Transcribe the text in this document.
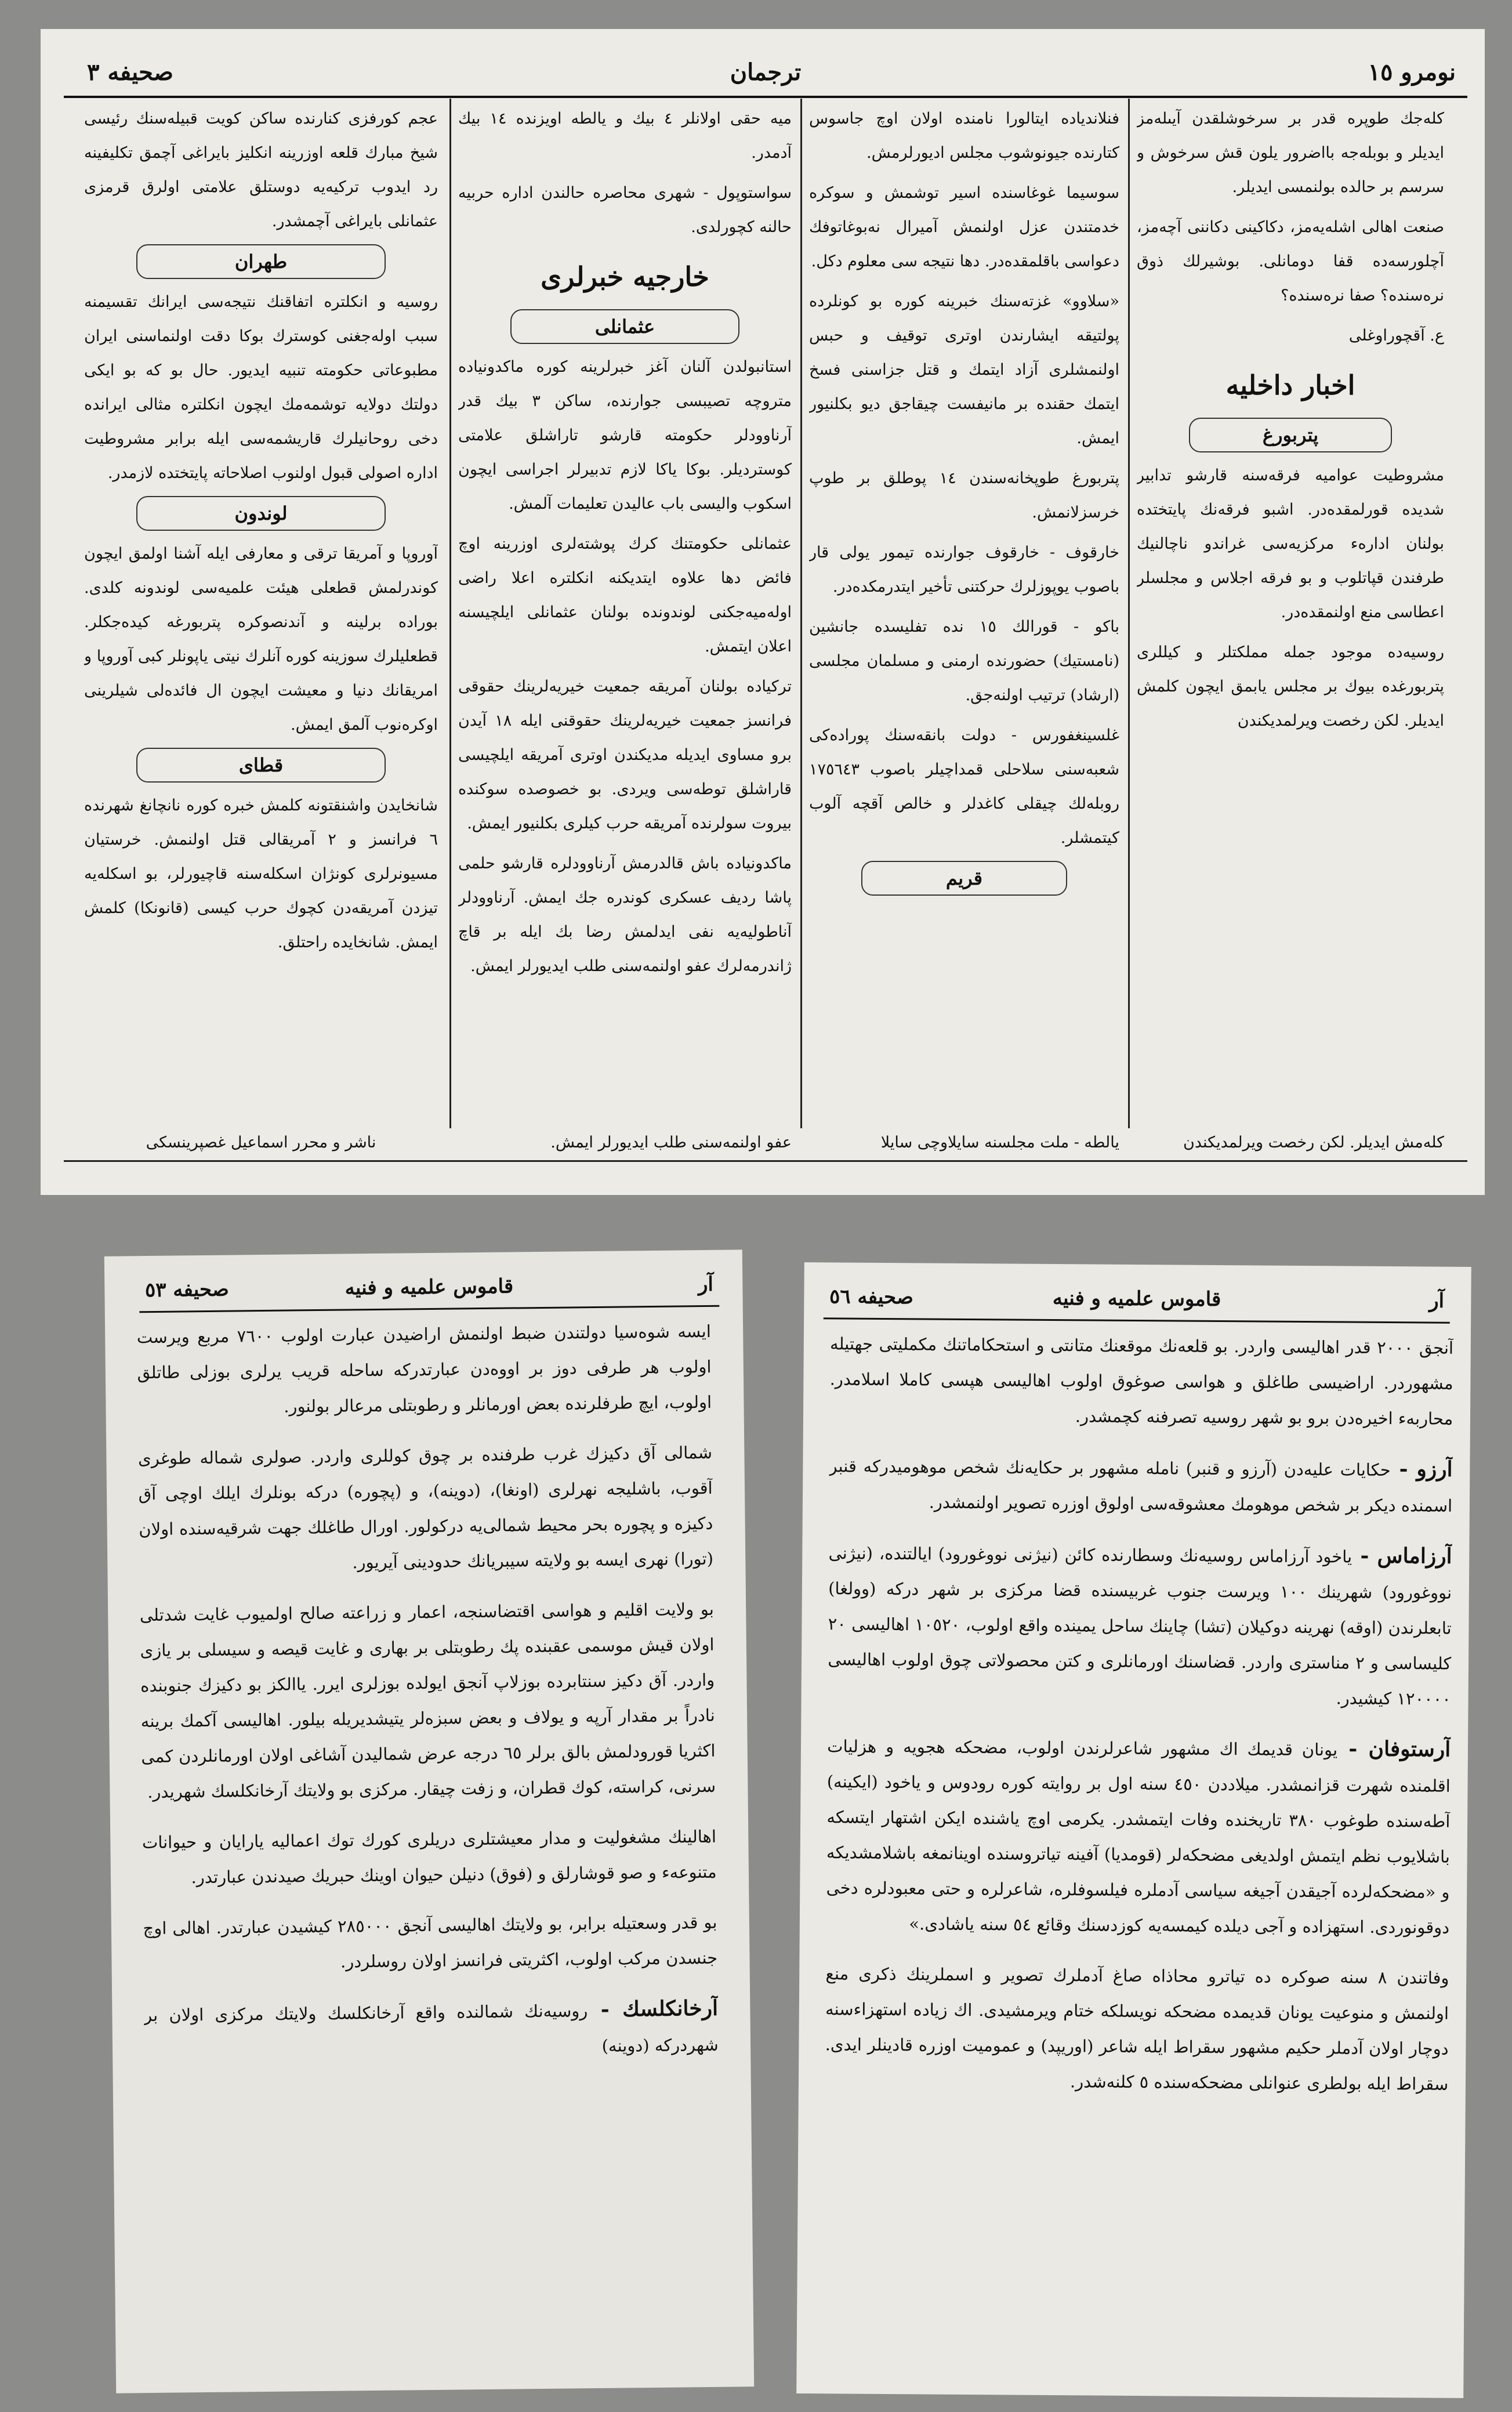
نومرو ١٥
ترجمان
صحيفه ٣
كلەجك طوپرە قدر بر سرخوشلقدن آيىلەمز ايديلر و بوبلەجه بااضرور يلون قش سرخوش و سرسم بر حالده بولنمسى ايديلر.
صنعت اهالى اشلەيەمز، دكاكينى دكاننى آچەمز، آچلورسەده قفا دومانلى. بوشيرلك ذوق نرەسندە؟ صفا نرەسندە؟
ع. آقچوراوغلى
اخبار داخليه
پتربورغ
مشروطيت عواميه فرقەسنه قارشو تدابير شديده قورلمقدەدر. اشبو فرقەنك پايتختده بولنان ادارەء مركزيەسى غراندو ناچالنيك طرفندن قپاتلوب و بو فرقه اجلاس و مجلسلر اعطاسى منع اولنمقدەدر.
روسيەده موجود جمله مملكتلر و كيللرى پتربورغدە بيوك بر مجلس يابمق ايچون كلمش ايديلر. لكن رخصت ويرلمديكندن
فنلاندياده ايتالورا نامنده اولان اوچ جاسوس كتارندە جيونوشوب مجلس اديورلرمش.
سوسيما غوغاسنده اسير توشمش و سوكرە خدمتندن عزل اولنمش آميرال نه‌بوغاتوفك دعواسى باقلمقدەدر. دها نتيجه سى معلوم دكل.
«سلاوو» غزتەسنك خبرينه كوره بو كونلرده پولتيقه ايشارندن اوترى توقيف و حبس اولنمشلرى آزاد ايتمك و قتل جزاسنى فسخ ايتمك حقنده بر مانيفست چيقاجق ديو بكلنيور ايمش.
پتربورغ طوپخانه‌سندن ١٤ پوطلق بر طوپ خرسزلانمش.
خارقوف - خارقوف جوارنده تيمور يولى قار باصوب يوپوزلرك حركتنى تأخير ايتدرمكدەدر.
باكو - قورالك ١٥ ندە تفليسده جانشين (نامستيك) حضورنده ارمنى و مسلمان مجلسى (ارشاد) ترتيب اولنەجق.
غلسينغفورس - دولت بانقەسنك پوراده‌كى شعبەسنى سلاحلى قمداچيلر باصوب ١٧٥٦٤٣ روبلەلك چيقلى كاغدلر و خالص آقچه آلوب كيتمشلر.
قريم
ميه حقى اولانلر ٤ بيك و يالطه اويزنده ١٤ بيك آدمدر.
سواستوپول - شهرى محاصرە حالندن اداره حربيه حالنه كچورلدى.
خارجيه خبرلرى
عثمانلى
استانبولدن آلنان آغز خبرلرينه كوره ماكدونياده متروچه تصيبسى جوارنده، ساكن ٣ بيك قدر آرناوودلر حكومته قارشو تاراشلق علامتى كوسترديلر. بوكا ياكا لازم تدبيرلر اجراسى ايچون اسكوب واليسى باب عاليدن تعليمات آلمش.
عثمانلى حكومتنك كرك پوشتەلرى اوزرينه اوچ فائض دها علاوه ايتديكنه انكلتره اعلا راضى اولەميەجكنى لوندوندە بولنان عثمانلى ايلچيسنه اعلان ايتمش.
تركياده بولنان آمريقه جمعيت خيريه‌لرينك حقوقى فرانسز جمعيت خيريه‌لرينك حقوقنى ايله ١٨ آيدن برو مساوى ايديلە مديكندن اوترى آمريقه ايلچيسى قاراشلق توطه‌سى ويردى. بو خصوصده سوكنده بيروت سولرنده آمريقه حرب كيلرى بكلنيور ايمش.
ماكدونياده باش قالدرمش آرناوودلره قارشو حلمى پاشا رديف عسكرى كوندره جك ايمش. آرناوودلر آناطوليەيه نفى ايدلمش رضا بك ايله بر قاچ ژاندرمەلرك عفو اولنمەسنى طلب ايديورلر ايمش.
عجم كورفزى كنارنده ساكن كويت قبيلەسنك رئيسى شيخ مبارك قلعه اوزرينه انكليز بايراغى آچمق تكليفينه رد ايدوب تركيەيه دوستلق علامتى اولرق قرمزى عثمانلى بايراغى آچمشدر.
طهران
روسيه و انكلتره اتفاقنك نتيجەسى ايرانك تقسيمنه سبب اولەجغنى كوسترك بوكا دقت اولنماسنى ايران مطبوعاتى حكومته تنبيه ايديور. حال بو كه بو ايكى دولتك دولايه توشمەمك ايچون انكلتره مثالى ايرانده دخى روحانيلرك قاريشمەسى ايله برابر مشروطيت اداره اصولى قبول اولنوب اصلاحاته پايتختده لازمدر.
لوندون
آوروپا و آمريقا ترقى و معارفى ايله آشنا اولمق ايچون كوندرلمش قطعلى هيئت علميه‌سى لوندونه كلدى. بوراده برلينه و آندنصوكره پتربورغه كيده‌جكلر. قطعليلرك سوزينه كوره آنلرك نيتى ياپونلر كبى آوروپا و امريقانك دنيا و معيشت ايچون ال فائدەلى شيلرينى اوكرەنوب آلمق ايمش.
قطاى
شانخايدن واشنقتونه كلمش خبره كوره نانچانغ شهرنده ٦ فرانسز و ٢ آمريقالى قتل اولنمش. خرستيان مسيونرلرى كونژان اسكلەسنه قاچيورلر، بو اسكلەيه تيزدن آمريقه‌دن كچوك حرب كيسى (قانونكا) كلمش ايمش. شانخايده راحتلق.
كلەمش ايديلر. لكن رخصت ويرلمديكندن
يالطه - ملت مجلسنه سايلاوچى سايلا
عفو اولنمەسنى طلب ايديورلر ايمش.
ناشر و محرر اسماعيل غصپرينسكى
آر
قاموس علميه و فنيه
صحيفه ٥٣	آر
قاموس علميه و فنيه
صحيفه ٥٦
ايسه شوەسيا دولتندن ضبط اولنمش اراضيدن عبارت اولوب ٧٦٠٠ مربع ويرست اولوب هر طرفى دوز بر اووەدن عبارتدركه ساحله قريب يرلرى بوزلى طاتلق اولوب، ايچ طرفلرنده بعض اورمانلر و رطوبتلى مرعالر بولنور.
شمالى آق دكيزك غرب طرفنده بر چوق كوللرى واردر. صولرى شماله طوغرى آقوب، باشليجه نهرلرى (اونغا)، (دوينه)، و (پچوره) دركه بونلرك ايلك اوچى آق دكيزه و پچوره بحر محيط شمالى‌يه دركولور. اورال طاغلك جهت شرقيه‌سنده اولان (تورا) نهرى ايسه بو ولايته سيبريانك حدودينى آيريور.
بو ولايت اقليم و هواسى اقتضاسنجه، اعمار و زراعته صالح اولميوب غايت شدتلى اولان قيش موسمى عقبنده پك رطوبتلى بر بهارى و غايت قيصه و سيسلى بر يازى واردر. آق دكيز سنتابرده بوزلاپ آنجق ايولده بوزلرى ايرر. ياالكز بو دكيزك جنوبنده نادراً بر مقدار آرپه و يولاف و بعض سبزەلر يتيشديريلە بيلور. اهاليسى آكمك برينه اكثريا قورودلمش بالق برلر ٦٥ درجه عرض شماليدن آشاغى اولان اورمانلردن كمى سرنى، كراسته، كوك قطران، و زفت چيقار. مركزى بو ولايتك آرخانكلسك شهريدر.
اهالينك مشغوليت و مدار معيشتلرى دريلرى كورك توك اعماليه يارايان و حيوانات متنوعه‌ء و صو قوشارلق و (فوق) دنيلن حيوان اوينك حبريك صيدندن عبارتدر.
بو قدر وسعتيله برابر، بو ولايتك اهاليسى آنجق ٢٨٥٠٠٠ كيشيدن عبارتدر. اهالى اوچ جنسدن مركب اولوب، اكثريتى فرانسز اولان روسلردر.
آرخانكلسك - روسيەنك شمالنده واقع آرخانكلسك ولايتك مركزى اولان بر شهردركه (دوينه)
آنجق ٢٠٠٠ قدر اهاليسى واردر. بو قلعه‌نك موقعنك متانتى و استحكاماتنك مكمليتى جهتيله مشهوردر. اراضيسى طاغلق و هواسى صوغوق اولوب اهاليسى هپسى كاملا اسلامدر. محاربه‌ء اخيرەدن برو بو شهر روسيه تصرفنه كچمشدر.
آرزو - حكايات عليه‌دن (آرزو و قنبر) نامله مشهور بر حكايه‌نك شخص موهوميدركه قنبر اسمنده ديكر بر شخص موهومك معشوقەسى اولوق اوزره تصوير اولنمشدر.
آرزاماس - ياخود آرزاماس روسيەنك وسطارنده كائن (نيژنى نووغورود) ايالتنده، (نيژنى نووغورود) شهرينك ١٠٠ ويرست جنوب غربيسنده قضا مركزى بر شهر دركه (وولغا) تابعلرندن (اوقه) نهرينه دوكيلان (تشا) چاينك ساحل يمينده واقع اولوب، ١٠٥٢٠ اهاليسى ٢٠ كليساسى و ٢ مناسترى واردر. قضاسنك اورمانلرى و كتن محصولاتى چوق اولوب اهاليسى ١٢٠٠٠٠ كيشيدر.
آرستوفان - يونان قديمك اك مشهور شاعرلرندن اولوب، مضحكه هجويه و هزليات اقلمنده شهرت قزانمشدر. ميلاددن ٤٥٠ سنه اول بر روايته كوره رودوس و ياخود (ايكينه) آطەسنده طوغوب ٣٨٠ تاريخنده وفات ايتمشدر. يكرمى اوچ ياشنده ايكن اشتهار ايتسكه باشلايوب نظم ايتمش اولديغى مضحكه‌لر (قومديا) آفينه تياتروسنده اوينانمغه باشلامشديكه و «مضحكه‌لرده آجيقدن آجيغه سياسى آدملره فيلسوفلره، شاعرلره و حتى معبودلره دخى دوقونوردى. استهزاده و آجى ديلده كيمسه‌يه كوزدسنك وقائع ٥٤ سنه ياشادى.»
وفاتندن ٨ سنه صوكره ده تياترو محاذاه صاغ آدملرك تصوير و اسملرينك ذكرى منع اولنمش و منوعيت يونان قديمده مضحكه نويسلكه ختام ويرمشيدى. اك زياده استهزاءسنه دوچار اولان آدملر حكيم مشهور سقراط ايله شاعر (اوريپد) و عموميت اوزره قادينلر ايدى. سقراط ايله بولطرى عنوانلى مضحكه‌سنده ٥ كلنەشدر.
